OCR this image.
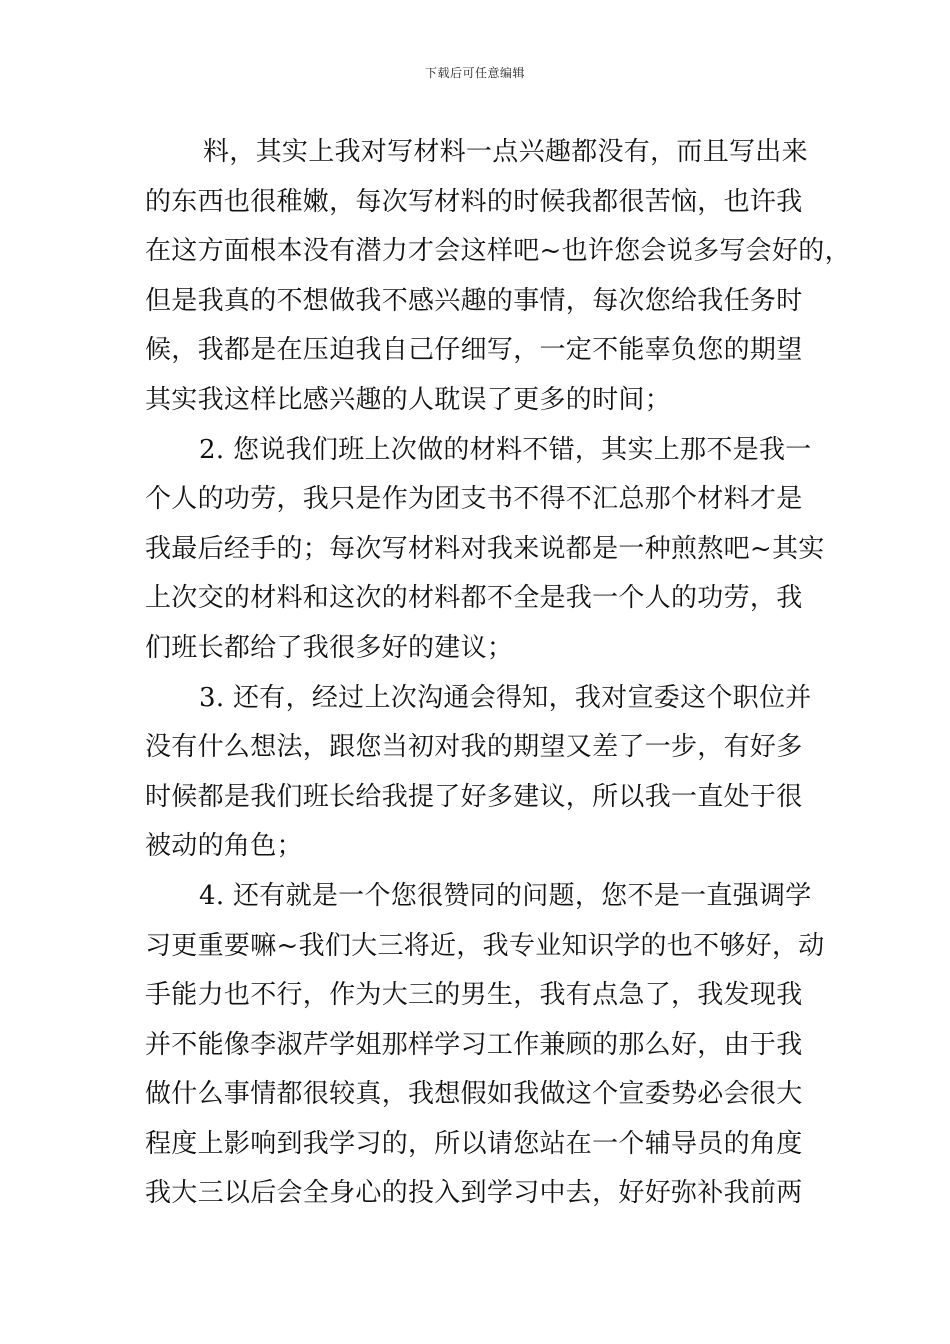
下载后可任意编辑
料，其实上我对写材料一点兴趣都没有，而且写出来
的东西也很稚嫩，每次写材料的时候我都很苦恼，也许我
在这方面根本没有潜力才会这样吧~也许您会说多写会好的，
但是我真的不想做我不感兴趣的事情，每次您给我任务时
候，我都是在压迫我自己仔细写，一定不能辜负您的期望
其实我这样比感兴趣的人耽误了更多的时间；
2. 您说我们班上次做的材料不错，其实上那不是我一
个人的功劳，我只是作为团支书不得不汇总那个材料才是
我最后经手的；每次写材料对我来说都是一种煎熬吧~其实
上次交的材料和这次的材料都不全是我一个人的功劳，我
们班长都给了我很多好的建议；
3. 还有，经过上次沟通会得知，我对宣委这个职位并
没有什么想法，跟您当初对我的期望又差了一步，有好多
时候都是我们班长给我提了好多建议，所以我一直处于很
被动的角色；
4. 还有就是一个您很赞同的问题，您不是一直强调学
习更重要嘛~我们大三将近，我专业知识学的也不够好，动
手能力也不行，作为大三的男生，我有点急了，我发现我
并不能像李淑芹学姐那样学习工作兼顾的那么好，由于我
做什么事情都很较真，我想假如我做这个宣委势必会很大
程度上影响到我学习的，所以请您站在一个辅导员的角度
我大三以后会全身心的投入到学习中去，好好弥补我前两
